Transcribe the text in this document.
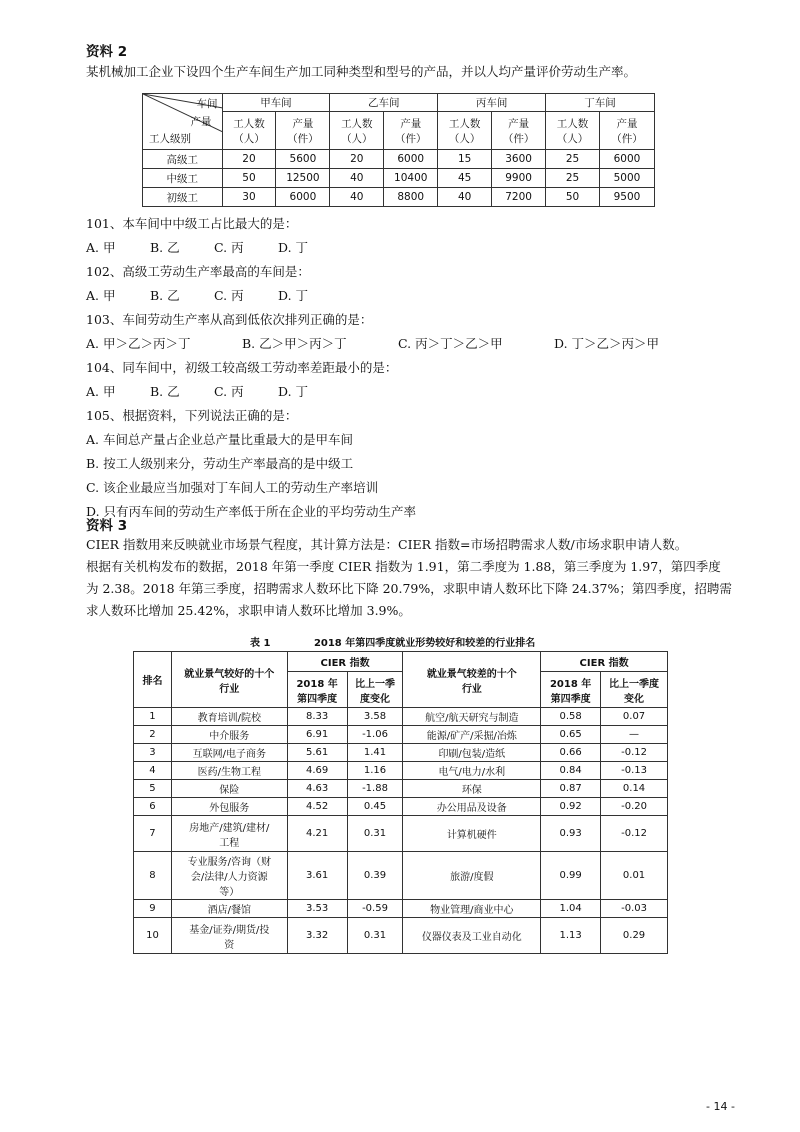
资料 2
某机械加工企业下设四个生产车间生产加工同种类型和型号的产品，并以人均产量评价劳动生产率。
车间
产量
工人级别	甲车间		乙车间		丙车间		丁车间	
	工人数（人）	产量（件）	工人数（人）	产量（件）	工人数（人）	产量（件）	工人数（人）	产量（件）
高级工	20	5600	20	6000	15	3600	25	6000
中级工	50	12500	40	10400	45	9900	25	5000
初级工	30	6000	40	8800	40	7200	50	9500
101、本车间中中级工占比最大的是：
A. 甲	B. 乙	C. 丙	D. 丁
102、高级工劳动生产率最高的车间是：
A. 甲	B. 乙	C. 丙	D. 丁
103、车间劳动生产率从高到低依次排列正确的是：
A. 甲＞乙＞丙＞丁	B. 乙＞甲＞丙＞丁	C. 丙＞丁＞乙＞甲	D. 丁＞乙＞丙＞甲
104、同车间中，初级工较高级工劳动率差距最小的是：
A. 甲	B. 乙	C. 丙	D. 丁
105、根据资料，下列说法正确的是：
A. 车间总产量占企业总产量比重最大的是甲车间
B. 按工人级别来分，劳动生产率最高的是中级工
C. 该企业最应当加强对丁车间人工的劳动生产率培训
D. 只有丙车间的劳动生产率低于所在企业的平均劳动生产率
资料 3
CIER 指数用来反映就业市场景气程度，其计算方法是：CIER 指数=市场招聘需求人数/市场求职申请人数。
根据有关机构发布的数据，2018 年第一季度 CIER 指数为 1.91，第二季度为 1.88，第三季度为 1.97，第四季度
为 2.38。2018 年第三季度，招聘需求人数环比下降 20.79%，求职申请人数环比下降 24.37%；第四季度，招聘需
求人数环比增加 25.42%，求职申请人数环比增加 3.9%。
表 1	2018 年第四季度就业形势较好和较差的行业排名
排名	就业景气较好的十个行业	CIER 指数		就业景气较差的十个行业	CIER 指数	
		2018 年第四季度	比上一季度变化		2018 年第四季度	比上一季度变化
1	教育培训/院校	8.33	3.58	航空/航天研究与制造	0.58	0.07
2	中介服务	6.91	-1.06	能源/矿产/采掘/冶炼	0.65	—
3	互联网/电子商务	5.61	1.41	印刷/包装/造纸	0.66	-0.12
4	医药/生物工程	4.69	1.16	电气/电力/水利	0.84	-0.13
5	保险	4.63	-1.88	环保	0.87	0.14
6	外包服务	4.52	0.45	办公用品及设备	0.92	-0.20
7	房地产/建筑/建材/工程	4.21	0.31	计算机硬件	0.93	-0.12
8	专业服务/咨询（财会/法律/人力资源等）	3.61	0.39	旅游/度假	0.99	0.01
9	酒店/餐馆	3.53	-0.59	物业管理/商业中心	1.04	-0.03
10	基金/证券/期货/投资	3.32	0.31	仪器仪表及工业自动化	1.13	0.29
- 14 -
